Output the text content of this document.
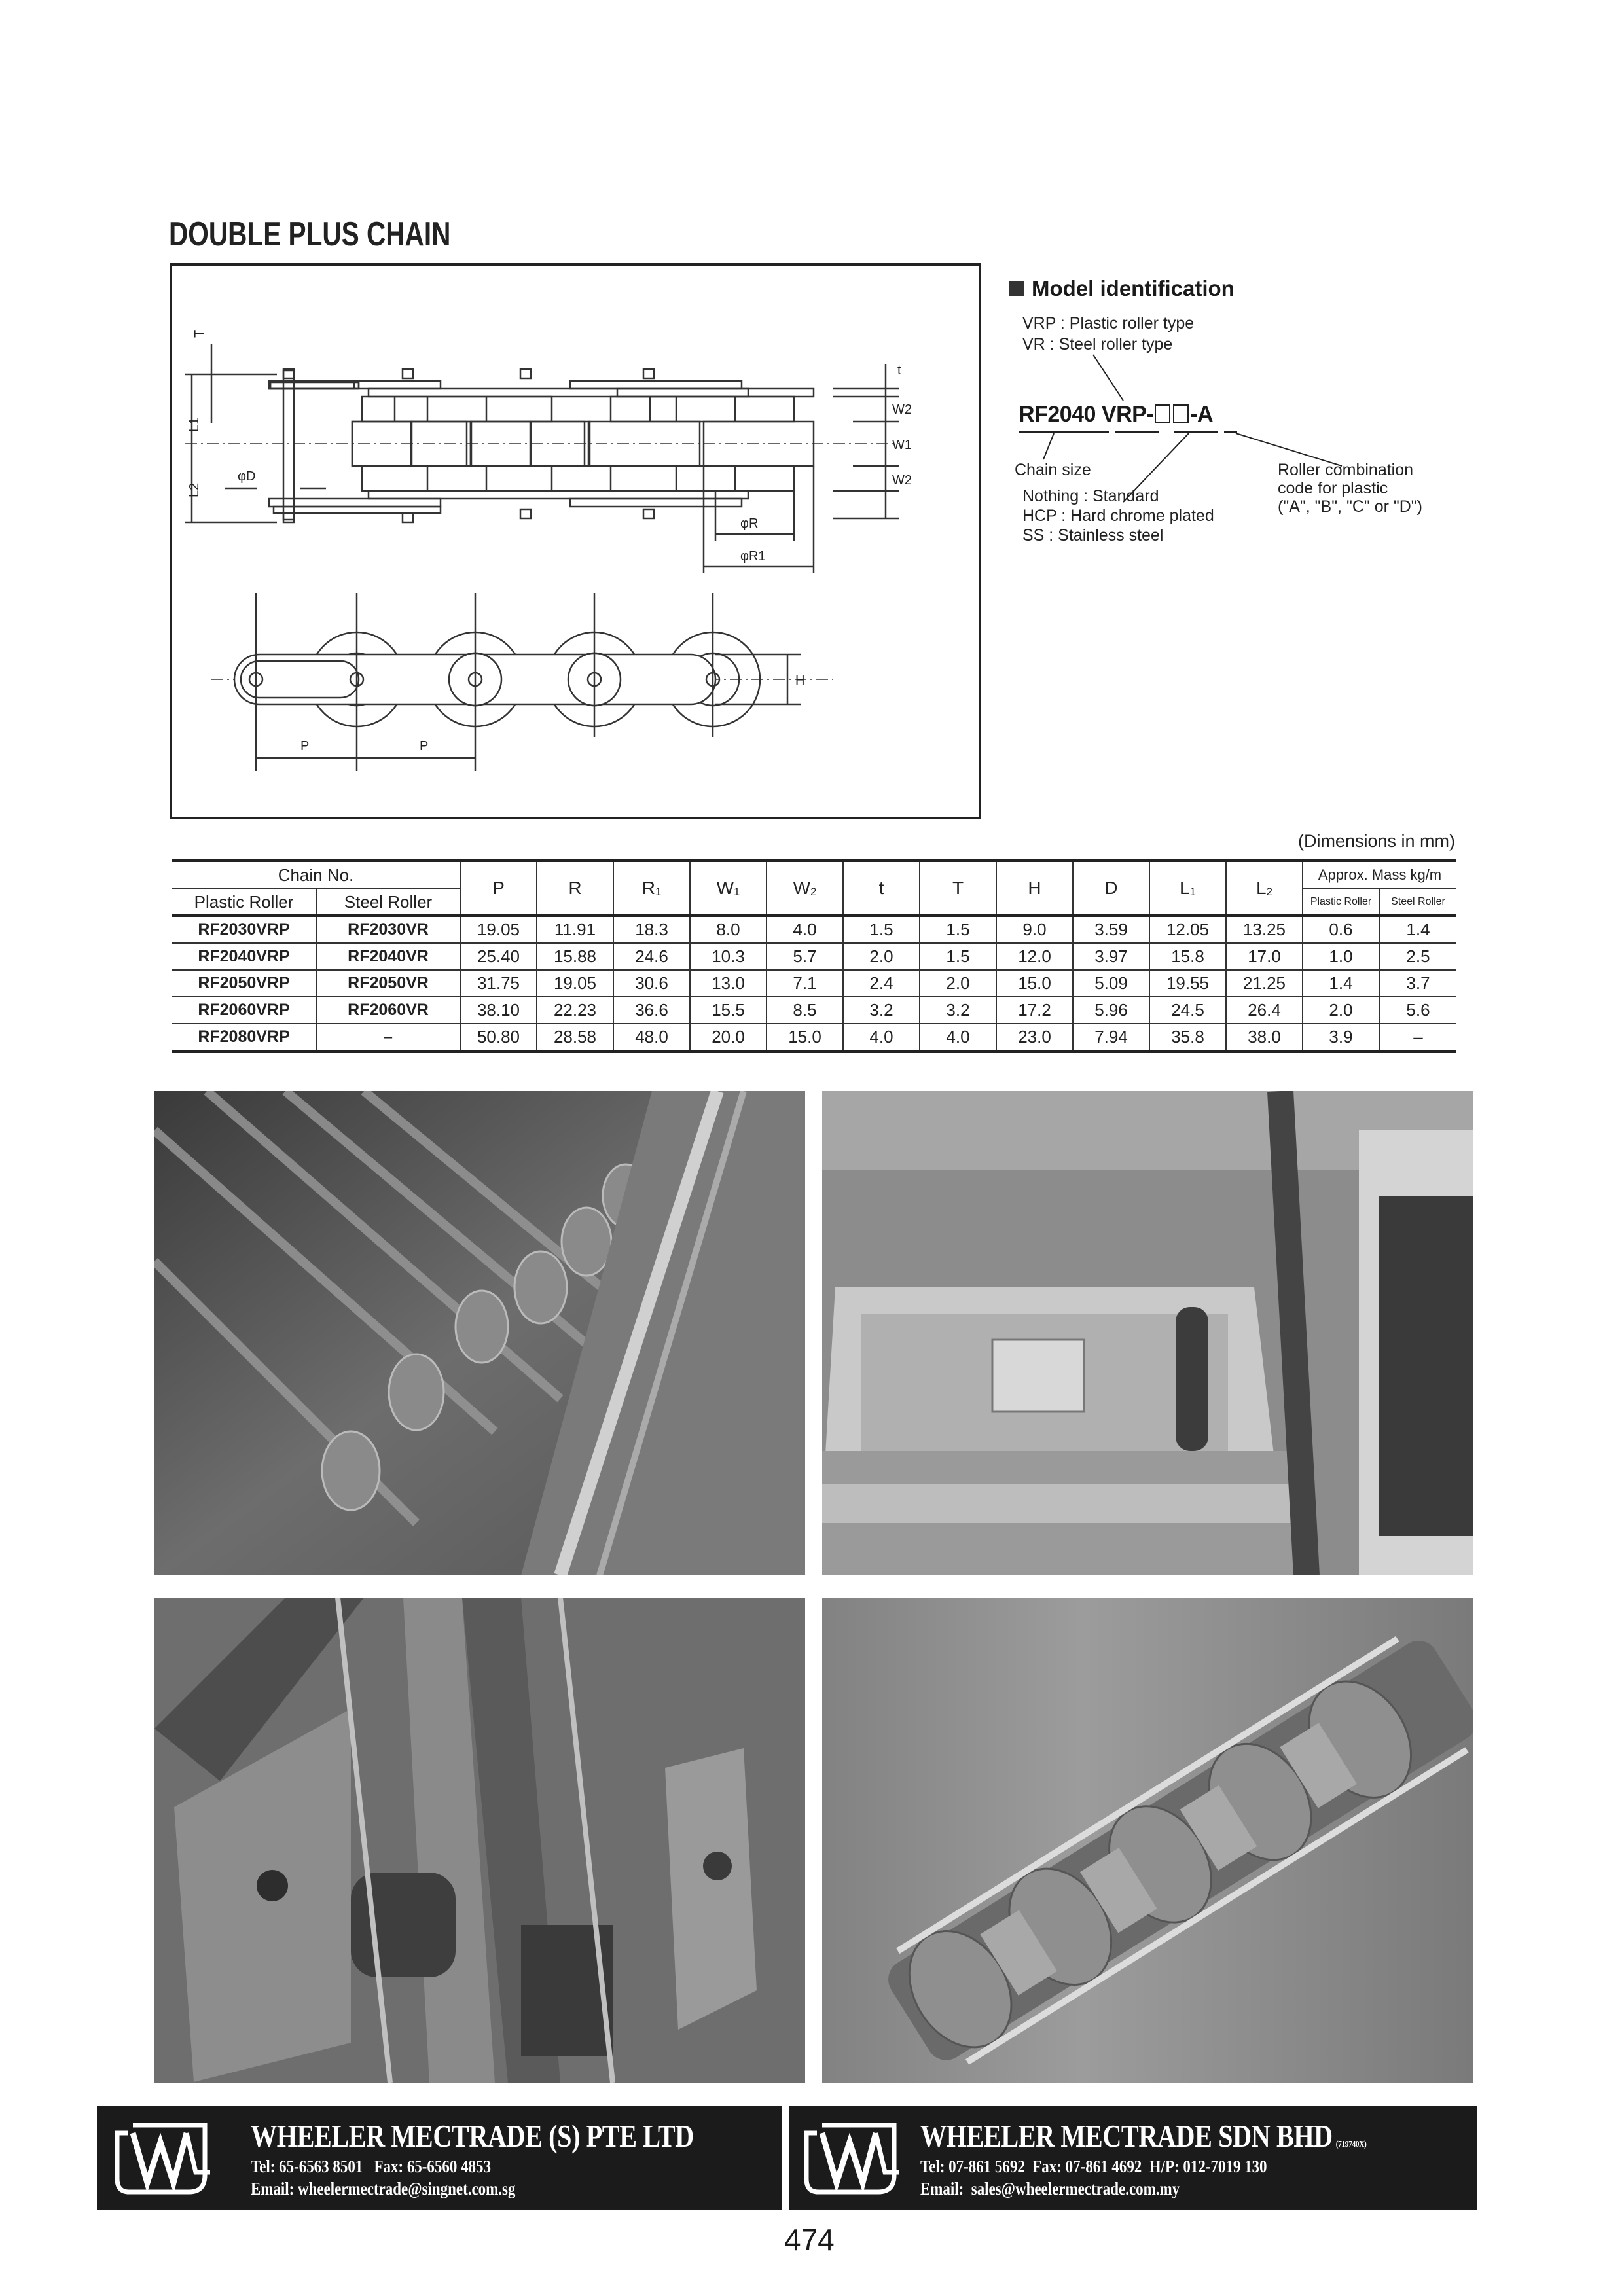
DOUBLE PLUS CHAIN
T
L1
L2
φD
t
W1
W2
W2
φR
φR1
H
P	P
Model identification
VRP : Plastic roller type
VR : Steel roller type
RF2040 VRP- -A
Chain size
Nothing : Standard
HCP : Hard chrome plated
SS : Stainless steel
Roller combination
code for plastic
("A", "B", "C" or "D")
(Dimensions in mm)
Chain No.		P	R	$R_1$	$W_1$	$W_2$	t	T	H	D	$L_1$	$L_2$	Approx. Mass kg/m	
Plastic Roller	Steel Roller												Plastic Roller	Steel Roller
RF2030VRP	RF2030VR	19.05	11.91	18.3	8.0	4.0	1.5	1.5	9.0	3.59	12.05	13.25	0.6	1.4
RF2040VRP	RF2040VR	25.40	15.88	24.6	10.3	5.7	2.0	1.5	12.0	3.97	15.8	17.0	1.0	2.5
RF2050VRP	RF2050VR	31.75	19.05	30.6	13.0	7.1	2.4	2.0	15.0	5.09	19.55	21.25	1.4	3.7
RF2060VRP	RF2060VR	38.10	22.23	36.6	15.5	8.5	3.2	3.2	17.2	5.96	24.5	26.4	2.0	5.6
RF2080VRP	–	50.80	28.58	48.0	20.0	15.0	4.0	4.0	23.0	7.94	35.8	38.0	3.9	–
WHEELER MECTRADE (S) PTE LTD
Tel: 65-6563 8501   Fax: 65-6560 4853
Email: wheelermectrade@singnet.com.sg
WHEELER MECTRADE SDN BHD (719740X)
Tel: 07-861 5692  Fax: 07-861 4692  H/P: 012-7019 130
Email:  sales@wheelermectrade.com.my
474
